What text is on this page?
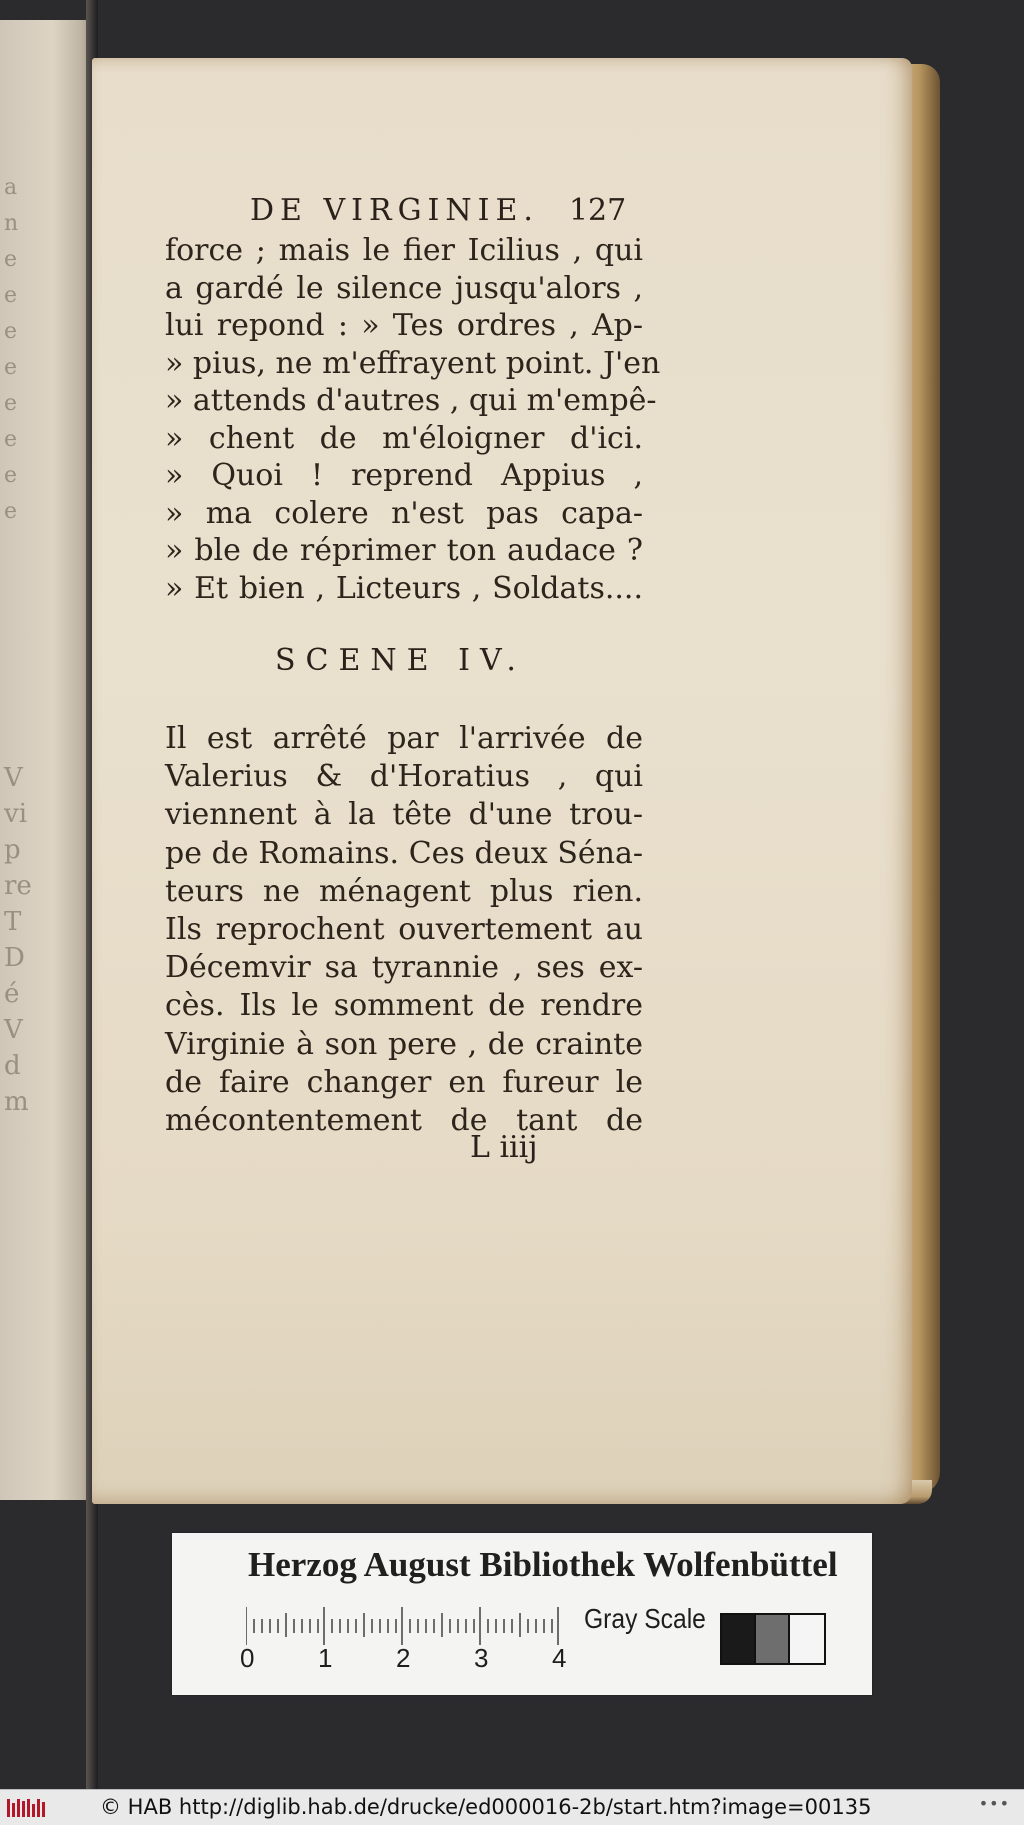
a
n
e
e
e
e
e
e
e
e
V
vi
p
re
T
D
é
V
d
m
DE VIRGINIE. 127
force ; mais le fier Icilius , qui
a gardé le silence jusqu'alors ,
lui repond : » Tes ordres , Ap-
» pius, ne m'effrayent point. J'en
» attends d'autres , qui m'empê-
» chent de m'éloigner d'ici.
» Quoi ! reprend Appius ,
» ma colere n'est pas capa-
» ble de réprimer ton audace ?
» Et bien , Licteurs , Soldats....
SCENE IV.
Il est arrêté par l'arrivée de
Valerius & d'Horatius , qui
viennent à la tête d'une trou-
pe de Romains. Ces deux Séna-
teurs ne ménagent plus rien.
Ils reprochent ouvertement au
Décemvir sa tyrannie , ses ex-
cès. Ils le somment de rendre
Virginie à son pere , de crainte
de faire changer en fureur le
mécontentement de tant de
L iiij
Herzog August Bibliothek Wolfenbüttel
0 1 2 3 4
Gray Scale
© HAB http://diglib.hab.de/drucke/ed000016-2b/start.htm?image=00135	•••
